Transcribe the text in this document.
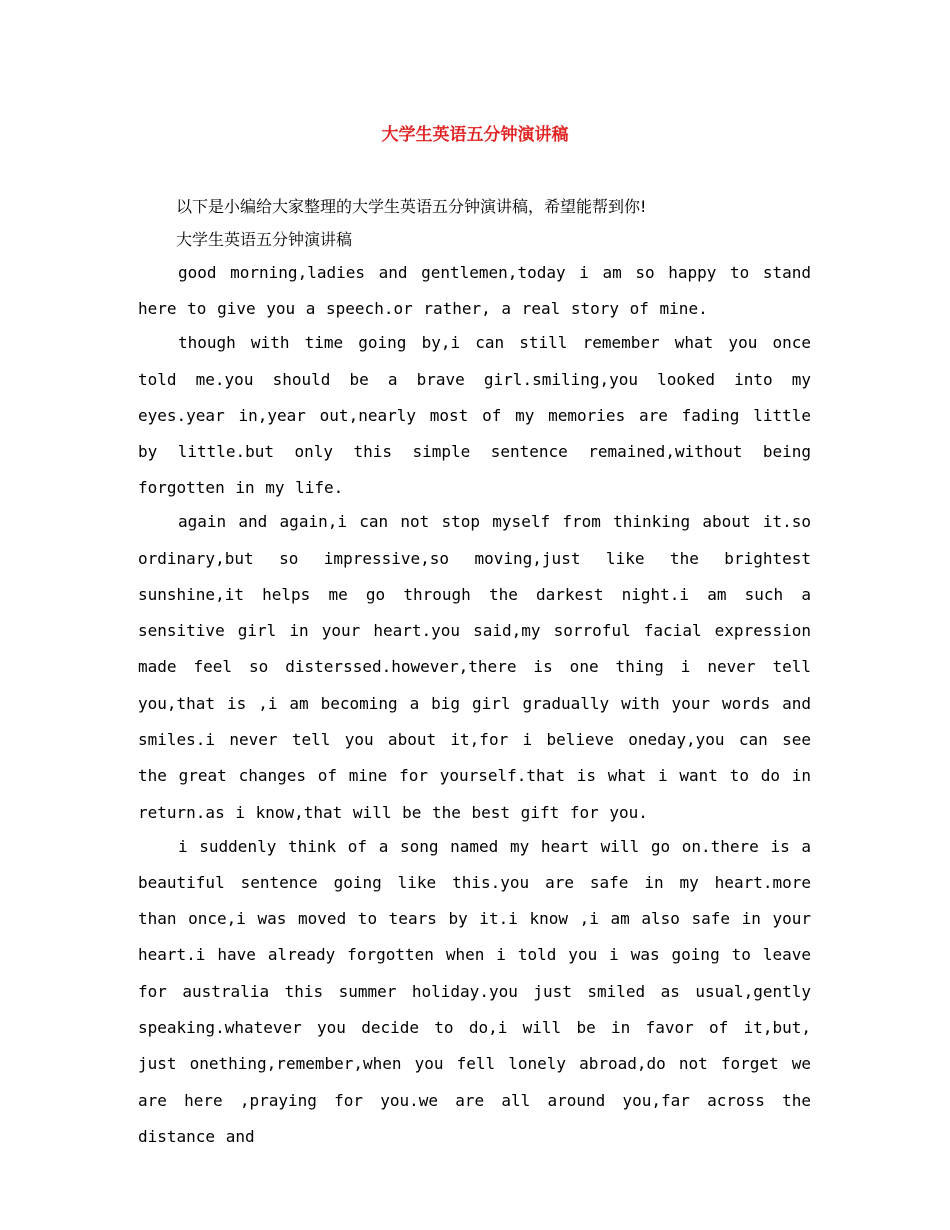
大学生英语五分钟演讲稿

以下是小编给大家整理的大学生英语五分钟演讲稿，希望能帮到你!

大学生英语五分钟演讲稿

good morning,ladies and gentlemen,today i am so happy to stand here to give you a speech.or rather, a real story of mine.

though with time going by,i can still remember what you once told me.you should be a brave girl.smiling,you looked into my eyes.year in,year out,nearly most of my memories are fading little by little.but only this simple sentence remained,without being forgotten in my life.

again and again,i can not stop myself from thinking about it.so ordinary,but so impressive,so moving,just like the brightest sunshine,it helps me go through the darkest night.i am such a sensitive girl in your heart.you said,my sorroful facial expression made feel so disterssed.however,there is one thing i never tell you,that is ,i am becoming a big girl gradually with your words and smiles.i never tell you about it,for i believe oneday,you can see the great changes of mine for yourself.that is what i want to do in return.as i know,that will be the best gift for you.

i suddenly think of a song named my heart will go on.there is a beautiful sentence going like this.you are safe in my heart.more than once,i was moved to tears by it.i know ,i am also safe in your heart.i have already forgotten when i told you i was going to leave for australia this summer holiday.you just smiled as usual,gently speaking.whatever you decide to do,i will be in favor of it,but, just onething,remember,when you fell lonely abroad,do not forget we are here ,praying for you.we are all around you,far across the distance and
